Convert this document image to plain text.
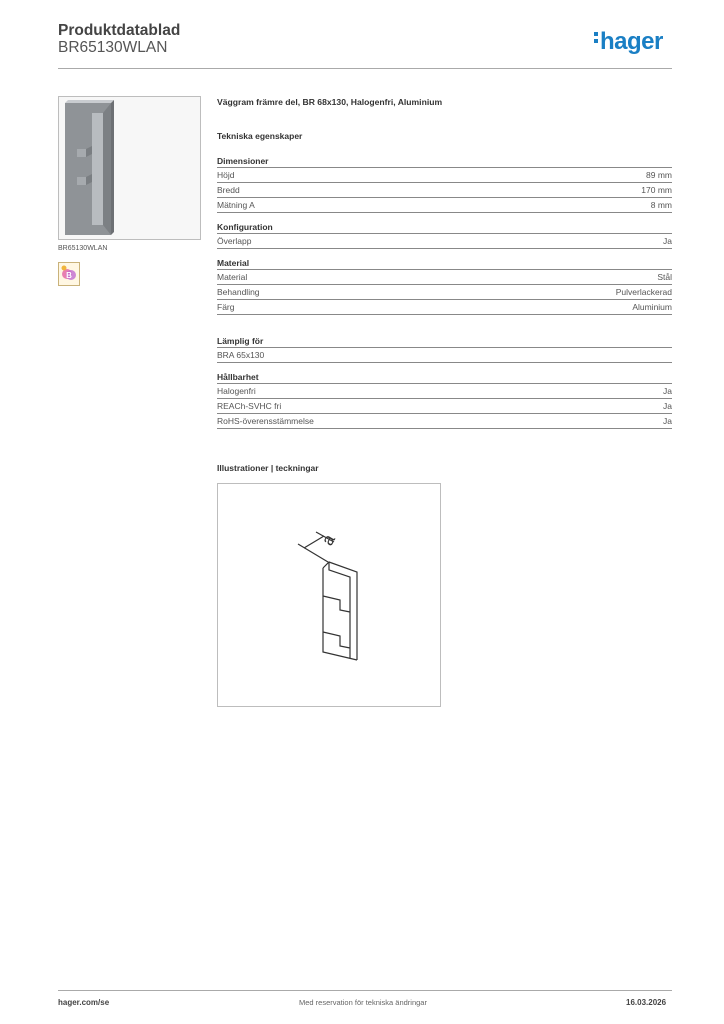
Produktdatablad
BR65130WLAN	hager
BR65130WLAN
B
Väggram främre del, BR 68x130, Halogenfri, Aluminium
Tekniska egenskaper
Dimensioner
Höjd	89 mm
Bredd	170 mm
Mätning A	8 mm
Konfiguration
Överlapp	Ja
Material
Material	Stål
Behandling	Pulverlackerad
Färg	Aluminium
Lämplig för
BRA 65x130
Hållbarhet
Halogenfri	Ja
REACh-SVHC fri	Ja
RoHS-överensstämmelse	Ja
Illustrationer | teckningar
a
hager.com/se	Med reservation för tekniska ändringar	16.03.2026
